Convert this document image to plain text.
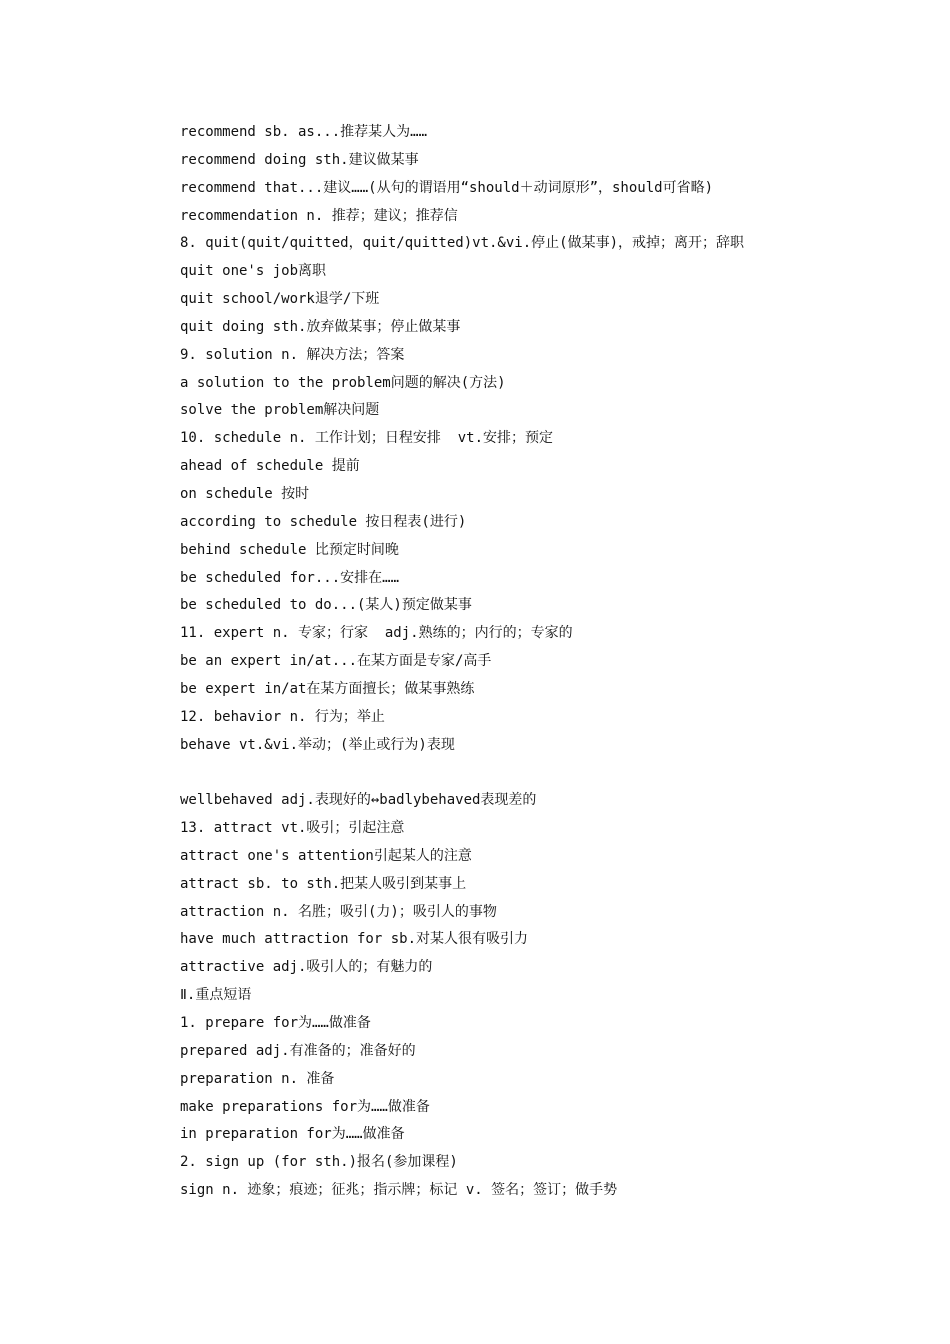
recommend sb. as...推荐某人为……
recommend doing sth.建议做某事
recommend that...建议……(从句的谓语用“should＋动词原形”，should可省略)
recommendation n. 推荐；建议；推荐信
8. quit(quit/quitted，quit/quitted)vt.&vi.停止(做某事)，戒掉；离开；辞职
quit one's job离职
quit school/work退学/下班
quit doing sth.放弃做某事；停止做某事
9. solution n. 解决方法；答案
a solution to the problem问题的解决(方法)
solve the problem解决问题
10. schedule n. 工作计划；日程安排  vt.安排；预定
ahead of schedule 提前
on schedule 按时
according to schedule 按日程表(进行)
behind schedule 比预定时间晚
be scheduled for...安排在……
be scheduled to do...(某人)预定做某事
11. expert n. 专家；行家  adj.熟练的；内行的；专家的
be an expert in/at...在某方面是专家/高手
be expert in/at在某方面擅长；做某事熟练
12. behavior n. 行为；举止
behave vt.&vi.举动；(举止或行为)表现
wellbehaved adj.表现好的↔badlybehaved表现差的
13. attract vt.吸引；引起注意
attract one's attention引起某人的注意
attract sb. to sth.把某人吸引到某事上
attraction n. 名胜；吸引(力)；吸引人的事物
have much attraction for sb.对某人很有吸引力
attractive adj.吸引人的；有魅力的
Ⅱ.重点短语
1. prepare for为……做准备
prepared adj.有准备的；准备好的
preparation n. 准备
make preparations for为……做准备
in preparation for为……做准备
2. sign up (for sth.)报名(参加课程)
sign n. 迹象；痕迹；征兆；指示牌；标记 v. 签名；签订；做手势
